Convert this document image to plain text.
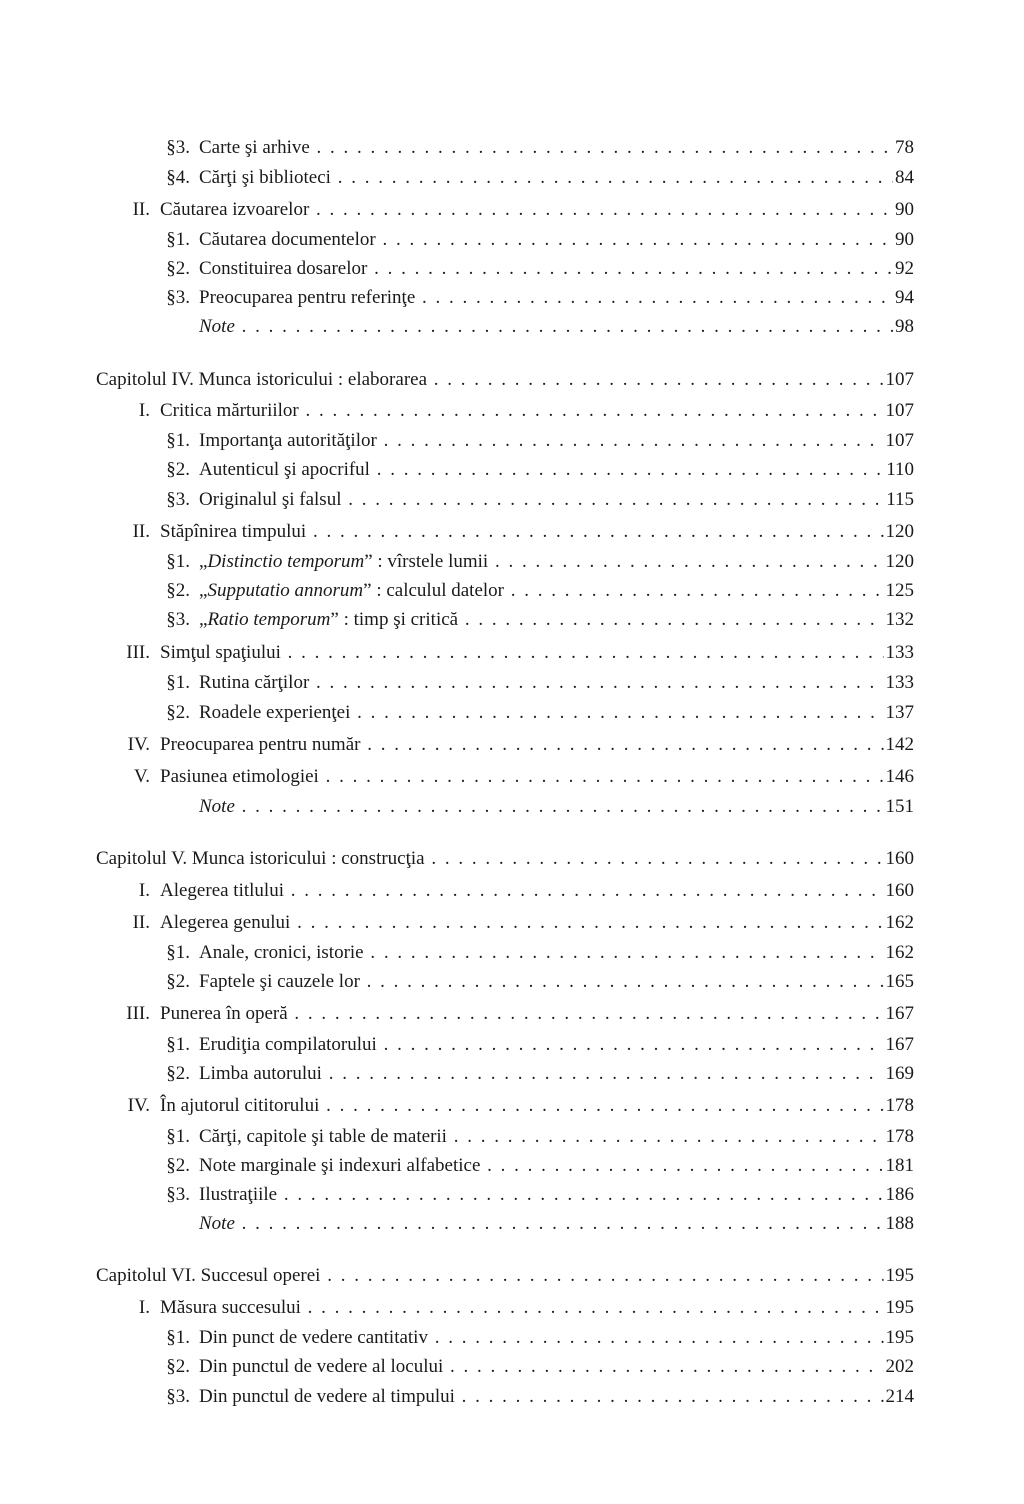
§3. Carte şi arhive . . .	78
§4. Cărţi şi biblioteci . . .	84
II. Căutarea izvoarelor . . .	90
§1. Căutarea documentelor . . .	90
§2. Constituirea dosarelor . . .	92
§3. Preocuparea pentru referinţe . . .	94
Note . . .	98
Capitolul IV. Munca istoricului : elaborarea . . .	107
I. Critica mărturiilor . . .	107
§1. Importanţa autorităţilor . . .	107
§2. Autenticul şi apocriful . . .	110
§3. Originalul şi falsul . . .	115
II. Stăpînirea timpului . . .	120
§1. „Distinctio temporum” : vîrstele lumii . . .	120
§2. „Supputatio annorum” : calculul datelor . . .	125
§3. „Ratio temporum” : timp şi critică . . .	132
III. Simţul spaţiului . . .	133
§1. Rutina cărţilor . . .	133
§2. Roadele experienţei . . .	137
IV. Preocuparea pentru număr . . .	142
V. Pasiunea etimologiei . . .	146
Note . . .	151
Capitolul V. Munca istoricului : construcţia . . .	160
I. Alegerea titlului . . .	160
II. Alegerea genului . . .	162
§1. Anale, cronici, istorie . . .	162
§2. Faptele şi cauzele lor . . .	165
III. Punerea în operă . . .	167
§1. Erudiţia compilatorului . . .	167
§2. Limba autorului . . .	169
IV. În ajutorul cititorului . . .	178
§1. Cărţi, capitole şi table de materii . . .	178
§2. Note marginale şi indexuri alfabetice . . .	181
§3. Ilustraţiile . . .	186
Note . . .	188
Capitolul VI. Succesul operei . . .	195
I. Măsura succesului . . .	195
§1. Din punct de vedere cantitativ . . .	195
§2. Din punctul de vedere al locului . . .	202
§3. Din punctul de vedere al timpului . . .	214
